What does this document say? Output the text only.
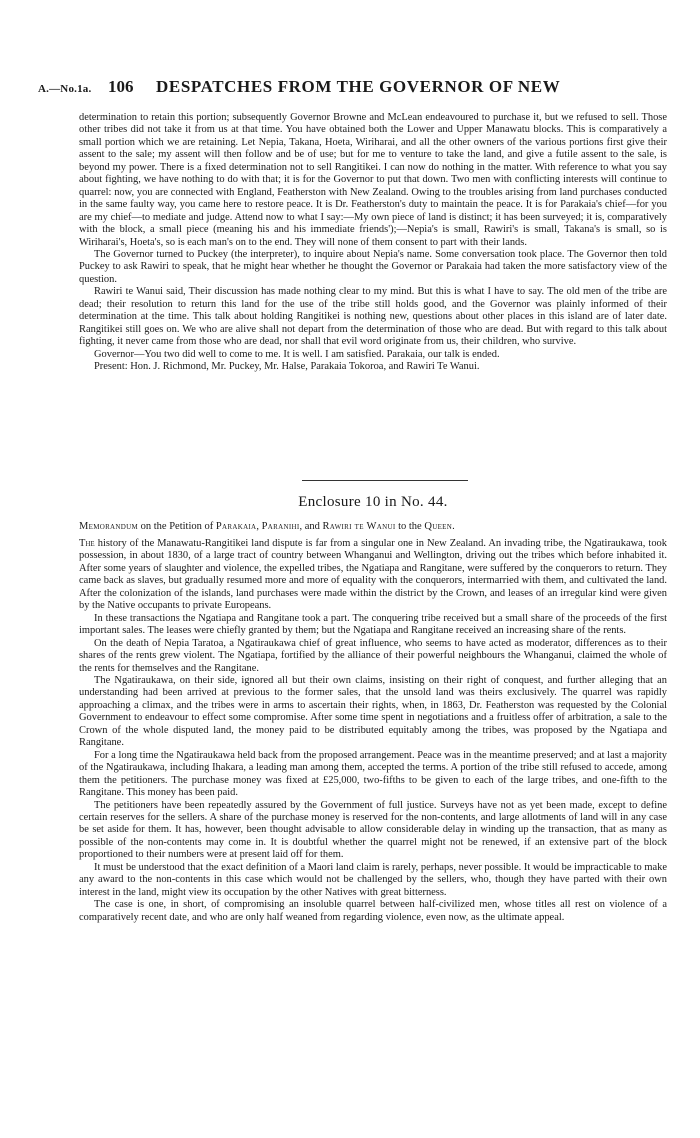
A.—No.1a. 106 DESPATCHES FROM THE GOVERNOR OF NEW

determination to retain this portion; subsequently Governor Browne and McLean endeavoured to purchase it, but we refused to sell. Those other tribes did not take it from us at that time. You have obtained both the Lower and Upper Manawatu blocks. This is comparatively a small portion which we are retaining. Let Nepia, Takana, Hoeta, Wiriharai, and all the other owners of the various portions first give their assent to the sale; my assent will then follow and be of use; but for me to venture to take the land, and give a futile assent to the sale, is beyond my power. There is a fixed determination not to sell Rangitikei. I can now do nothing in the matter. With reference to what you say about fighting, we have nothing to do with that; it is for the Governor to put that down. Two men with conflicting interests will continue to quarrel: now, you are connected with England, Featherston with New Zealand. Owing to the troubles arising from land purchases conducted in the same faulty way, you came here to restore peace. It is Dr. Featherston's duty to maintain the peace. It is for Parakaia's chief—for you are my chief—to mediate and judge. Attend now to what I say:—My own piece of land is distinct; it has been surveyed; it is, comparatively with the block, a small piece (meaning his and his immediate friends');—Nepia's is small, Rawiri's is small, Takana's is small, so is Wiriharai's, Hoeta's, so is each man's on to the end. They will none of them consent to part with their lands.

The Governor turned to Puckey (the interpreter), to inquire about Nepia's name. Some conversation took place. The Governor then told Puckey to ask Rawiri to speak, that he might hear whether he thought the Governor or Parakaia had taken the more satisfactory view of the question.

Rawiri te Wanui said, Their discussion has made nothing clear to my mind. But this is what I have to say. The old men of the tribe are dead; their resolution to return this land for the use of the tribe still holds good, and the Governor was plainly informed of their determination at the time. This talk about holding Rangitikei is nothing new, questions about other places in this island are of later date. Rangitikei still goes on. We who are alive shall not depart from the determination of those who are dead. But with regard to this talk about fighting, it never came from those who are dead, nor shall that evil word originate from us, their children, who survive.

Governor—You two did well to come to me. It is well. I am satisfied. Parakaia, our talk is ended.

Present: Hon. J. Richmond, Mr. Puckey, Mr. Halse, Parakaia Tokoroa, and Rawiri Te Wanui.

Enclosure 10 in No. 44.
Memorandum on the Petition of Parakaia, Paranihi, and Rawiri te Wanui to the Queen.

The history of the Manawatu-Rangitikei land dispute is far from a singular one in New Zealand. An invading tribe, the Ngatiraukawa, took possession, in about 1830, of a large tract of country between Whanganui and Wellington, driving out the tribes which before inhabited it. After some years of slaughter and violence, the expelled tribes, the Ngatiapa and Rangitane, were suffered by the conquerors to return. They came back as slaves, but gradually resumed more and more of equality with the conquerors, intermarried with them, and cultivated the land. After the colonization of the islands, land purchases were made within the district by the Crown, and leases of an irregular kind were given by the Native occupants to private Europeans.

In these transactions the Ngatiapa and Rangitane took a part. The conquering tribe received but a small share of the proceeds of the first important sales. The leases were chiefly granted by them; but the Ngatiapa and Rangitane received an increasing share of the rents.

On the death of Nepia Taratoa, a Ngatiraukawa chief of great influence, who seems to have acted as moderator, differences as to their shares of the rents grew violent. The Ngatiapa, fortified by the alliance of their powerful neighbours the Whanganui, claimed the whole of the rents for themselves and the Rangitane.

The Ngatiraukawa, on their side, ignored all but their own claims, insisting on their right of conquest, and further alleging that an understanding had been arrived at previous to the former sales, that the unsold land was theirs exclusively. The quarrel was rapidly approaching a climax, and the tribes were in arms to ascertain their rights, when, in 1863, Dr. Featherston was requested by the Colonial Government to endeavour to effect some compromise. After some time spent in negotiations and a fruitless offer of arbitration, a sale to the Crown of the whole disputed land, the money paid to be distributed equitably among the tribes, was proposed by the Ngatiapa and Rangitane.

For a long time the Ngatiraukawa held back from the proposed arrangement. Peace was in the meantime preserved; and at last a majority of the Ngatiraukawa, including Ihakara, a leading man among them, accepted the terms. A portion of the tribe still refused to accede, among them the petitioners. The purchase money was fixed at £25,000, two-fifths to be given to each of the large tribes, and one-fifth to the Rangitane. This money has been paid.

The petitioners have been repeatedly assured by the Government of full justice. Surveys have not as yet been made, except to define certain reserves for the sellers. A share of the purchase money is reserved for the non-contents, and large allotments of land will in any case be set aside for them. It has, however, been thought advisable to allow considerable delay in winding up the transaction, that as many as possible of the non-contents may come in. It is doubtful whether the quarrel might not be renewed, if an extensive part of the block proportioned to their numbers were at present laid off for them.

It must be understood that the exact definition of a Maori land claim is rarely, perhaps, never possible. It would be impracticable to make any award to the non-contents in this case which would not be challenged by the sellers, who, though they have parted with their own interest in the land, might view its occupation by the other Natives with great bitterness.

The case is one, in short, of compromising an insoluble quarrel between half-civilized men, whose titles all rest on violence of a comparatively recent date, and who are only half weaned from regarding violence, even now, as the ultimate appeal.
